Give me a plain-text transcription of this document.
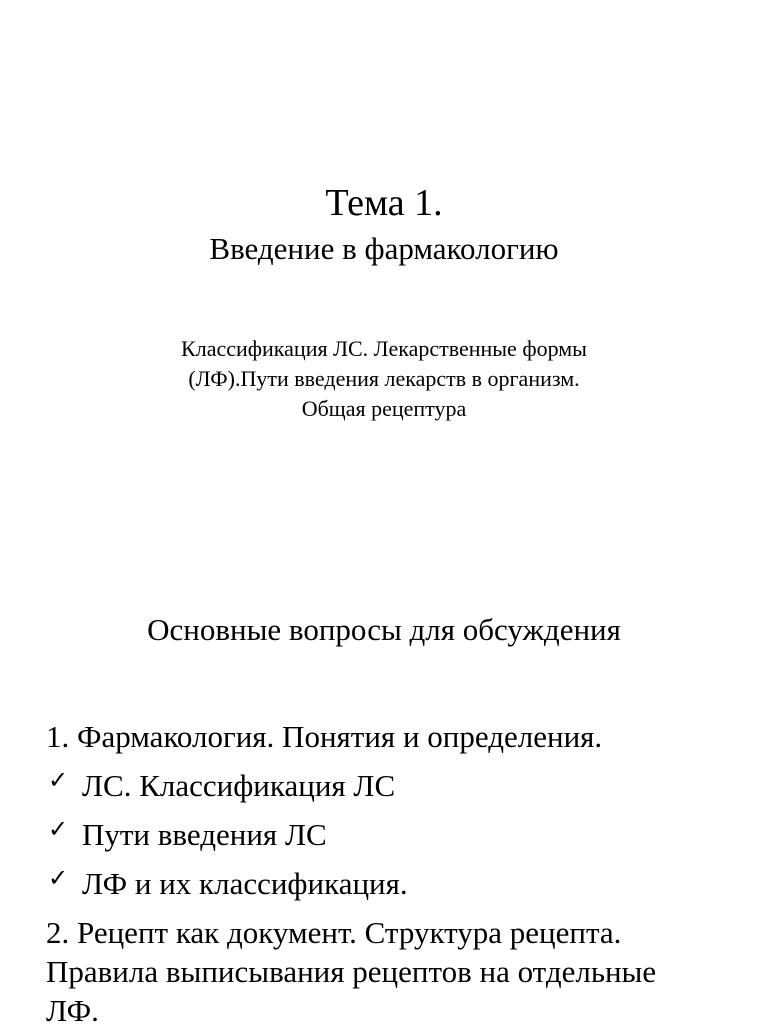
Тема 1.
Введение в фармакологию
Классификация ЛС. Лекарственные формы
(ЛФ).Пути введения лекарств в организм.
Общая рецептура
Основные вопросы для обсуждения
1. Фармакология. Понятия и определения.
✓ ЛС. Классификация ЛС
✓ Пути введения ЛС
✓ ЛФ и их классификация.
2. Рецепт как документ. Структура рецепта.
Правила выписывания рецептов на отдельные
ЛФ.
